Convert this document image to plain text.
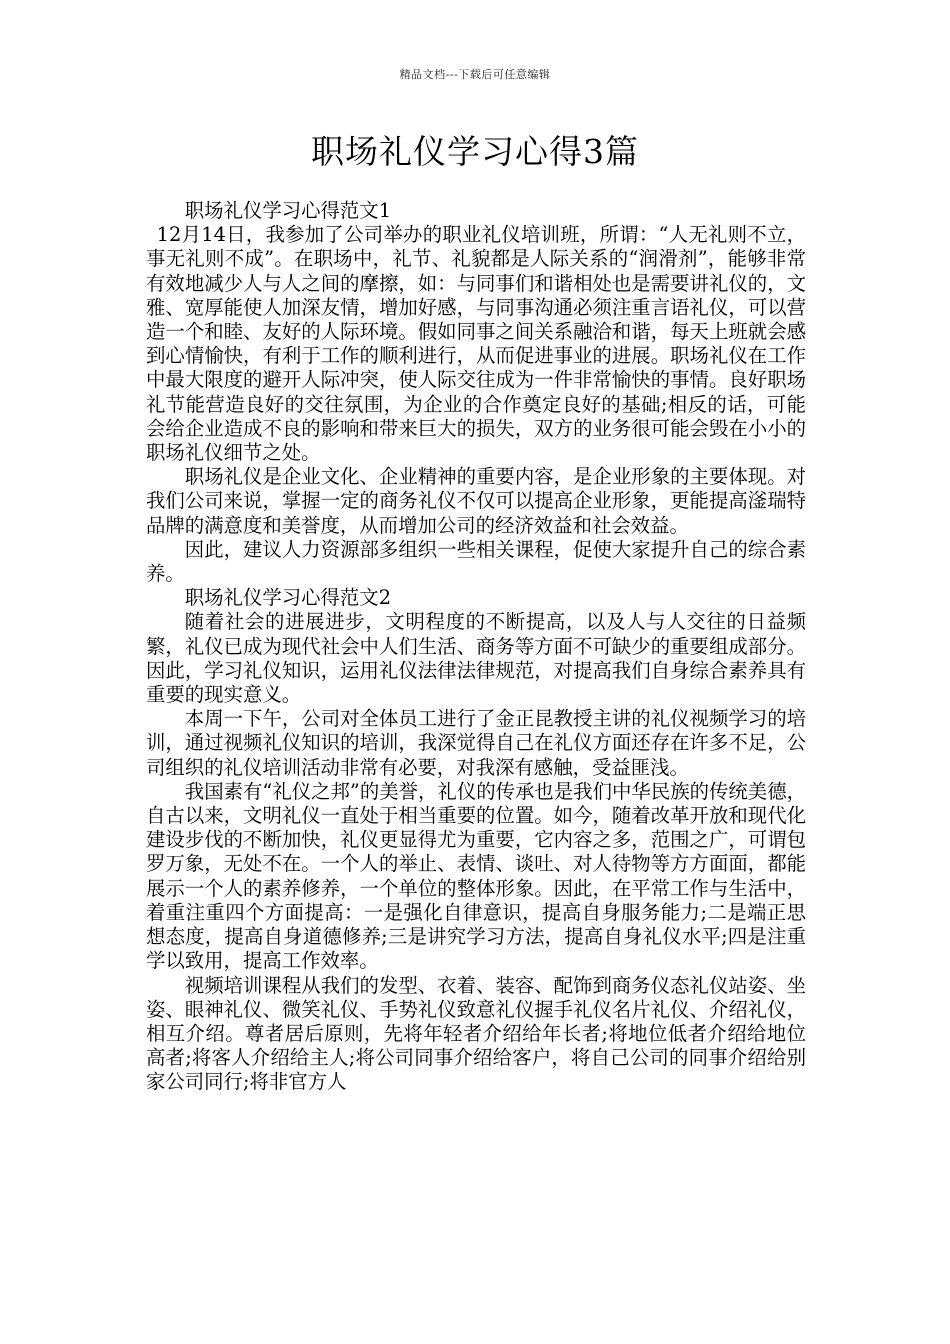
精品文档---下载后可任意编辑
职场礼仪学习心得3篇

职场礼仪学习心得范文1

12月14日，我参加了公司举办的职业礼仪培训班，所谓：“人无礼则不立，事无礼则不成”。在职场中，礼节、礼貌都是人际关系的“润滑剂”，能够非常有效地减少人与人之间的摩擦，如：与同事们和谐相处也是需要讲礼仪的，文雅、宽厚能使人加深友情，增加好感，与同事沟通必须注重言语礼仪，可以营造一个和睦、友好的人际环境。假如同事之间关系融洽和谐，每天上班就会感到心情愉快，有利于工作的顺利进行，从而促进事业的进展。职场礼仪在工作中最大限度的避开人际冲突，使人际交往成为一件非常愉快的事情。良好职场礼节能营造良好的交往氛围，为企业的合作奠定良好的基础;相反的话，可能会给企业造成不良的影响和带来巨大的损失，双方的业务很可能会毁在小小的职场礼仪细节之处。

职场礼仪是企业文化、企业精神的重要内容，是企业形象的主要体现。对我们公司来说，掌握一定的商务礼仪不仅可以提高企业形象，更能提高滏瑞特品牌的满意度和美誉度，从而增加公司的经济效益和社会效益。

因此，建议人力资源部多组织一些相关课程，促使大家提升自己的综合素养。

职场礼仪学习心得范文2

随着社会的进展进步，文明程度的不断提高，以及人与人交往的日益频繁，礼仪已成为现代社会中人们生活、商务等方面不可缺少的重要组成部分。因此，学习礼仪知识，运用礼仪法律法律规范，对提高我们自身综合素养具有重要的现实意义。

本周一下午，公司对全体员工进行了金正昆教授主讲的礼仪视频学习的培训，通过视频礼仪知识的培训，我深觉得自己在礼仪方面还存在许多不足，公司组织的礼仪培训活动非常有必要，对我深有感触，受益匪浅。

我国素有“礼仪之邦”的美誉，礼仪的传承也是我们中华民族的传统美德，自古以来，文明礼仪一直处于相当重要的位置。如今，随着改革开放和现代化建设步伐的不断加快，礼仪更显得尤为重要，它内容之多，范围之广，可谓包罗万象，无处不在。一个人的举止、表情、谈吐、对人待物等方方面面，都能展示一个人的素养修养，一个单位的整体形象。因此，在平常工作与生活中，着重注重四个方面提高：一是强化自律意识，提高自身服务能力;二是端正思想态度，提高自身道德修养;三是讲究学习方法，提高自身礼仪水平;四是注重学以致用，提高工作效率。

视频培训课程从我们的发型、衣着、装容、配饰到商务仪态礼仪站姿、坐姿、眼神礼仪、微笑礼仪、手势礼仪致意礼仪握手礼仪名片礼仪、介绍礼仪，相互介绍。尊者居后原则，先将年轻者介绍给年长者;将地位低者介绍给地位高者;将客人介绍给主人;将公司同事介绍给客户，将自己公司的同事介绍给别家公司同行;将非官方人
